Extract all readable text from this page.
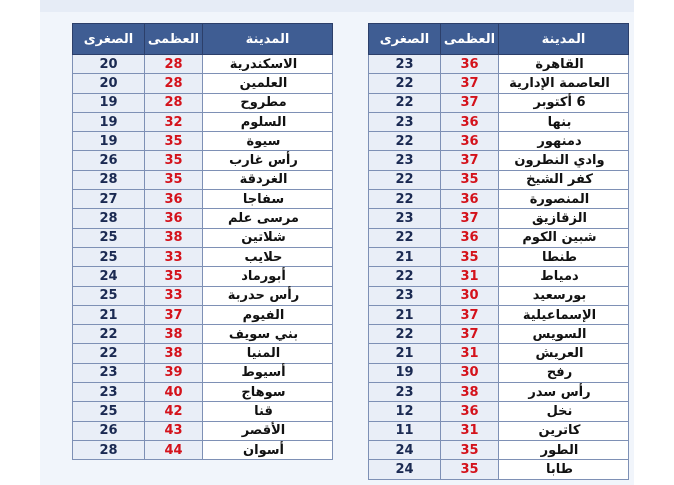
المدينة	العظمى	الصغرى
القاهرة	36	23
العاصمة الإدارية	37	22
6 أكتوبر	37	22
بنها	36	23
دمنهور	36	22
وادي النطرون	37	23
كفر الشيخ	35	22
المنصورة	36	22
الزقازيق	37	23
شبين الكوم	36	22
طنطا	35	21
دمياط	31	22
بورسعيد	30	23
الإسماعيلية	37	21
السويس	37	22
العريش	31	21
رفح	30	19
رأس سدر	38	23
نخل	36	12
كاترين	31	11
الطور	35	24
طابا	35	24
المدينة	العظمى	الصغرى
الاسكندرية	28	20
العلمين	28	20
مطروح	28	19
السلوم	32	19
سيوة	35	19
رأس غارب	35	26
الغردقة	35	28
سفاجا	36	27
مرسى علم	36	28
شلاتين	38	25
حلايب	33	25
أبورماد	35	24
رأس حدربة	33	25
الفيوم	37	21
بني سويف	38	22
المنيا	38	22
أسيوط	39	23
سوهاج	40	23
قنا	42	25
الأقصر	43	26
أسوان	44	28
